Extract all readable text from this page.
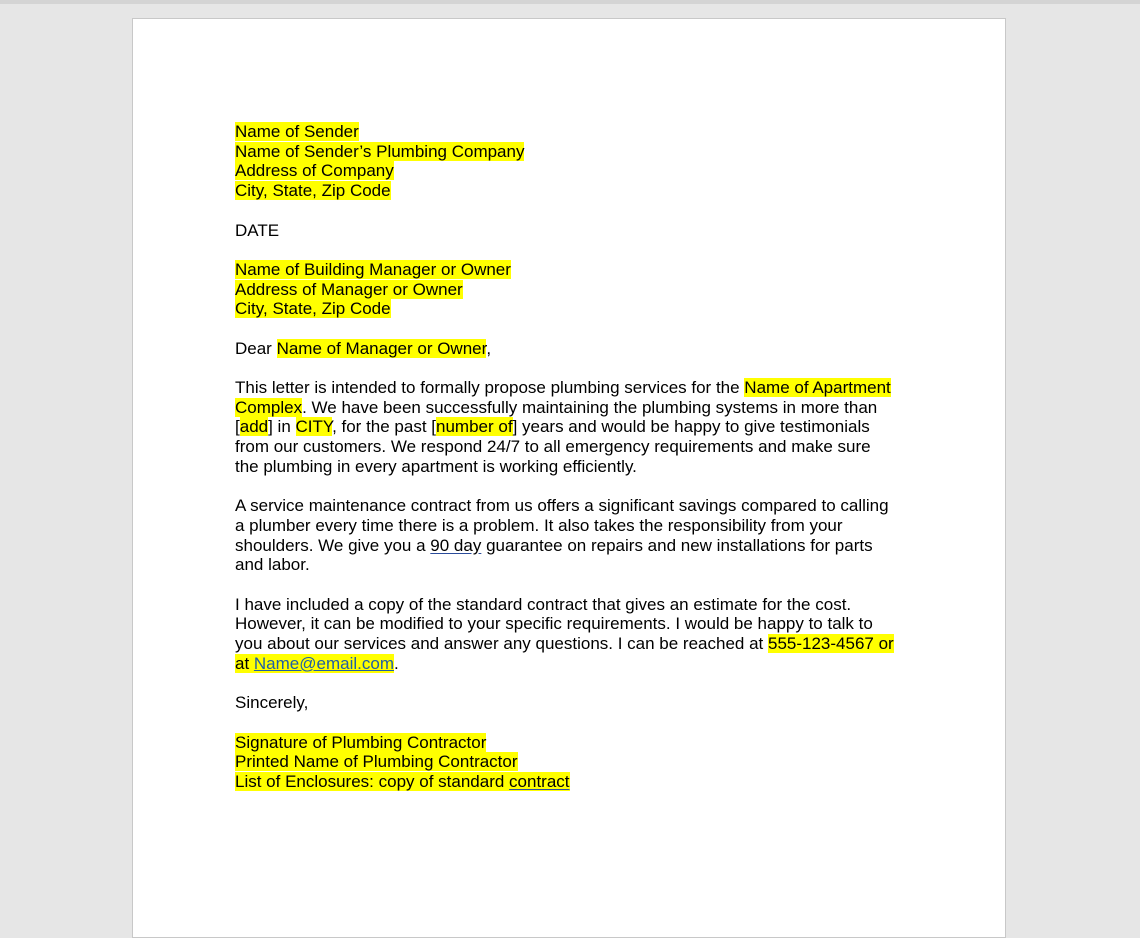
Name of Sender
Name of Sender’s Plumbing Company
Address of Company
City, State, Zip Code
DATE
Name of Building Manager or Owner
Address of Manager or Owner
City, State, Zip Code
Dear Name of Manager or Owner,
This letter is intended to formally propose plumbing services for the Name of Apartment
Complex. We have been successfully maintaining the plumbing systems in more than
[add] in CITY, for the past [number of] years and would be happy to give testimonials
from our customers. We respond 24/7 to all emergency requirements and make sure
the plumbing in every apartment is working efficiently.
A service maintenance contract from us offers a significant savings compared to calling
a plumber every time there is a problem. It also takes the responsibility from your
shoulders. We give you a 90 day guarantee on repairs and new installations for parts
and labor.
I have included a copy of the standard contract that gives an estimate for the cost.
However, it can be modified to your specific requirements. I would be happy to talk to
you about our services and answer any questions. I can be reached at 555-123-4567 or
at Name@email.com.
Sincerely,
Signature of Plumbing Contractor
Printed Name of Plumbing Contractor
List of Enclosures: copy of standard contract
